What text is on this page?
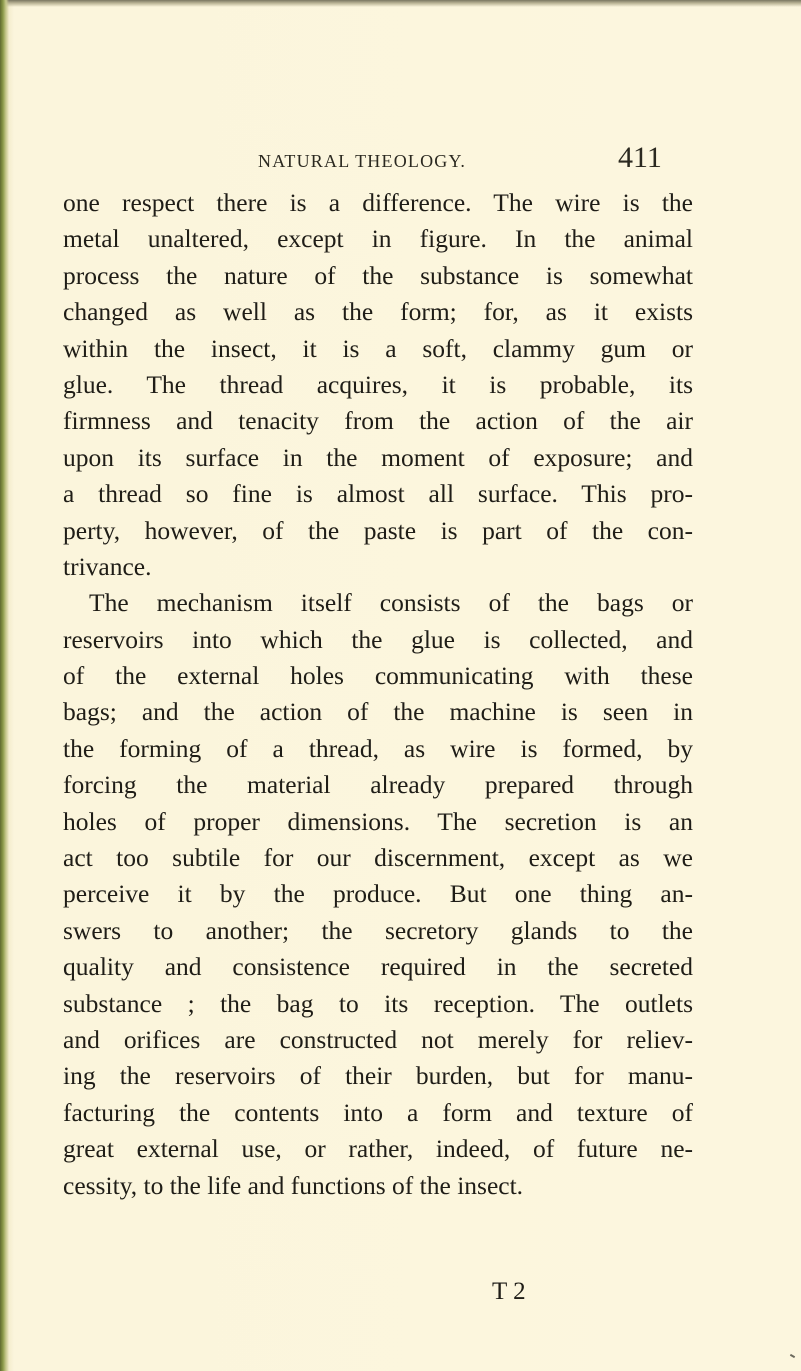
NATURAL THEOLOGY.	411
one respect there is a difference. The wire is the
metal unaltered, except in figure. In the animal
process the nature of the substance is somewhat
changed as well as the form; for, as it exists
within the insect, it is a soft, clammy gum or
glue. The thread acquires, it is probable, its
firmness and tenacity from the action of the air
upon its surface in the moment of exposure; and
a thread so fine is almost all surface. This pro-
perty, however, of the paste is part of the con-
trivance.
The mechanism itself consists of the bags or
reservoirs into which the glue is collected, and
of the external holes communicating with these
bags; and the action of the machine is seen in
the forming of a thread, as wire is formed, by
forcing the material already prepared through
holes of proper dimensions. The secretion is an
act too subtile for our discernment, except as we
perceive it by the produce. But one thing an-
swers to another; the secretory glands to the
quality and consistence required in the secreted
substance ; the bag to its reception. The outlets
and orifices are constructed not merely for reliev-
ing the reservoirs of their burden, but for manu-
facturing the contents into a form and texture of
great external use, or rather, indeed, of future ne-
cessity, to the life and functions of the insect.
T 2
